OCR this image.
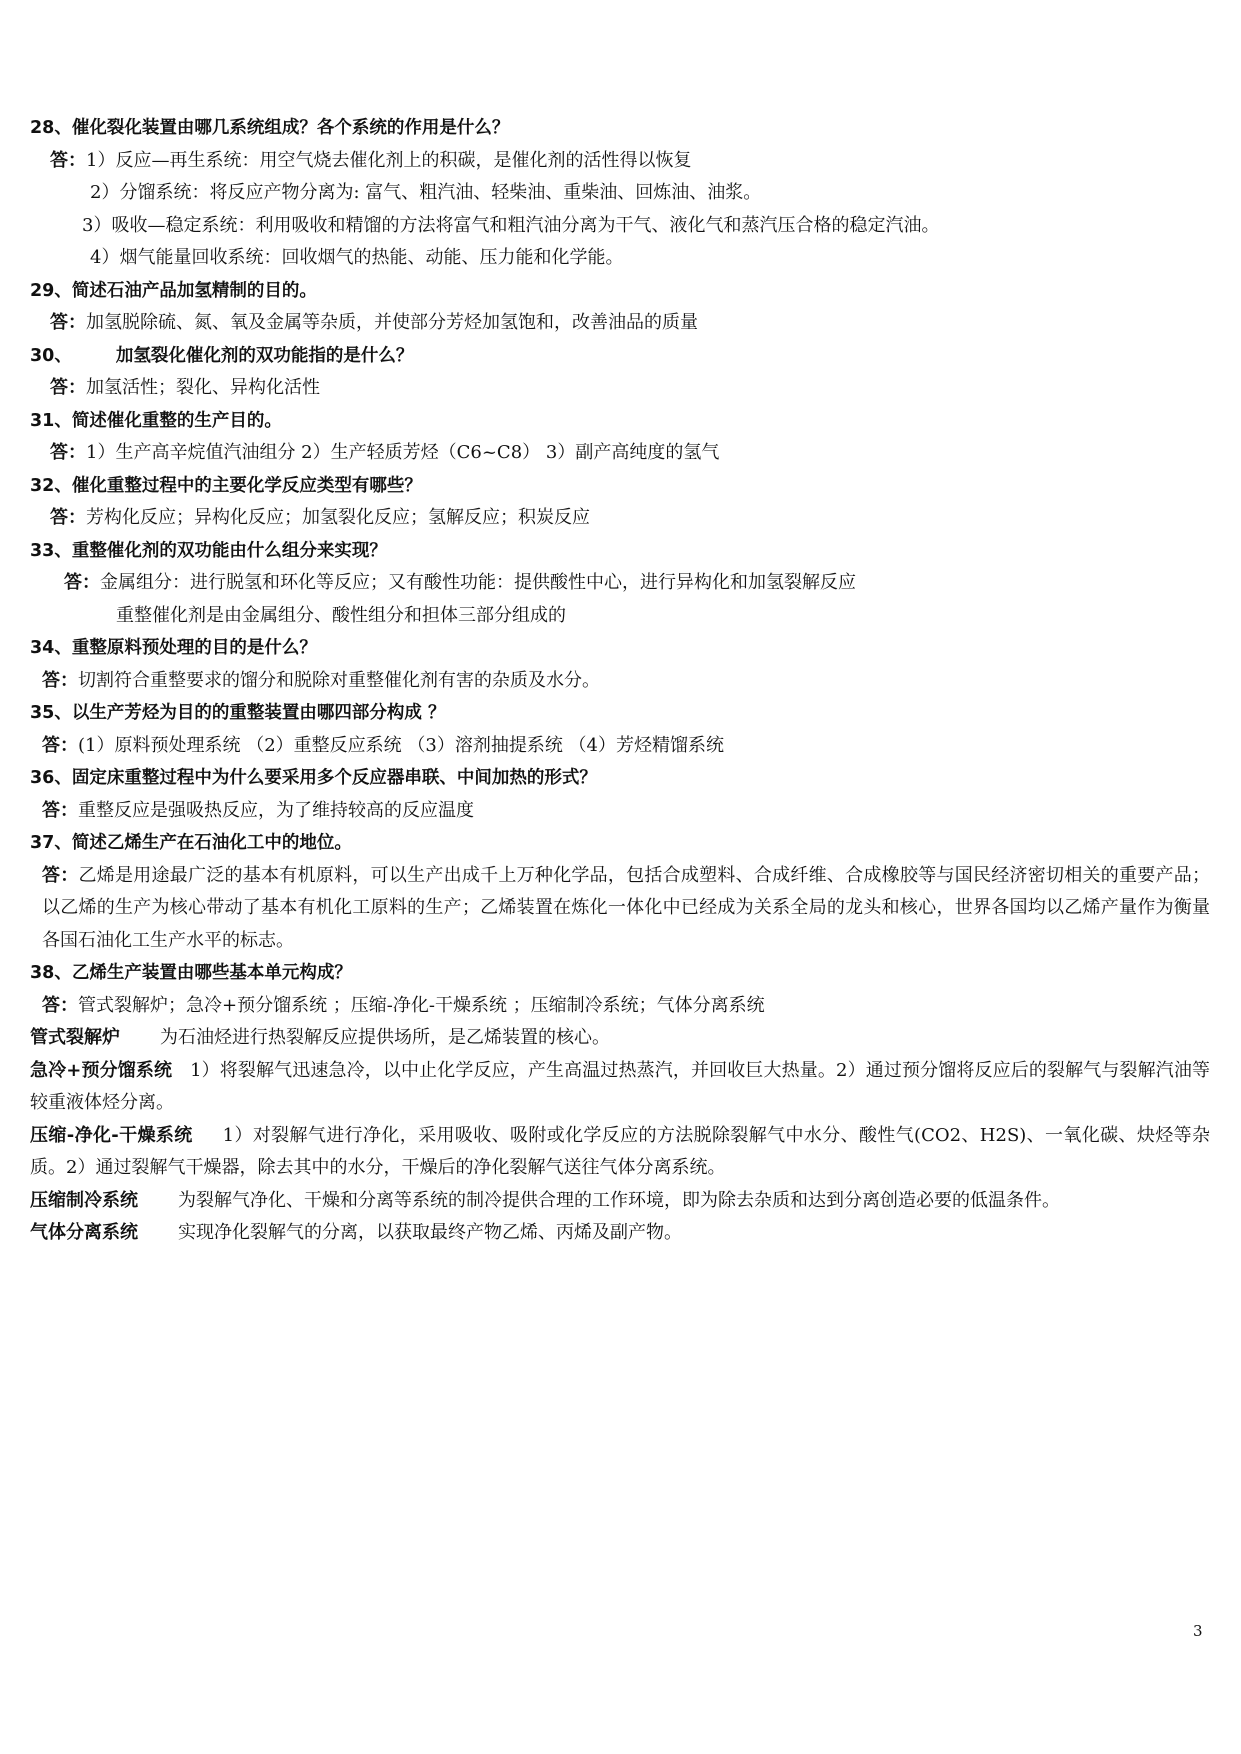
28、催化裂化装置由哪几系统组成？各个系统的作用是什么？
答：1）反应—再生系统：用空气烧去催化剂上的积碳，是催化剂的活性得以恢复
2）分馏系统：将反应产物分离为: 富气、粗汽油、轻柴油、重柴油、回炼油、油浆。
3）吸收—稳定系统：利用吸收和精馏的方法将富气和粗汽油分离为干气、液化气和蒸汽压合格的稳定汽油。
4）烟气能量回收系统：回收烟气的热能、动能、压力能和化学能。
29、简述石油产品加氢精制的目的。
答：加氢脱除硫、氮、氧及金属等杂质，并使部分芳烃加氢饱和，改善油品的质量
30、	加氢裂化催化剂的双功能指的是什么？
答：加氢活性；裂化、异构化活性
31、简述催化重整的生产目的。
答：1）生产高辛烷值汽油组分 2）生产轻质芳烃（C6~C8） 3）副产高纯度的氢气
32、催化重整过程中的主要化学反应类型有哪些？
答：芳构化反应；异构化反应；加氢裂化反应；氢解反应；积炭反应
33、重整催化剂的双功能由什么组分来实现？
答：金属组分：进行脱氢和环化等反应；又有酸性功能：提供酸性中心，进行异构化和加氢裂解反应
重整催化剂是由金属组分、酸性组分和担体三部分组成的
34、重整原料预处理的目的是什么？
答：切割符合重整要求的馏分和脱除对重整催化剂有害的杂质及水分。
35、以生产芳烃为目的的重整装置由哪四部分构成 ？
答：(1）原料预处理系统 （2）重整反应系统 （3）溶剂抽提系统 （4）芳烃精馏系统
36、固定床重整过程中为什么要采用多个反应器串联、中间加热的形式？
答：重整反应是强吸热反应，为了维持较高的反应温度
37、简述乙烯生产在石油化工中的地位。
答：乙烯是用途最广泛的基本有机原料，可以生产出成千上万种化学品，包括合成塑料、合成纤维、合成橡胶等与国民经济密切相关的重要产品；以乙烯的生产为核心带动了基本有机化工原料的生产；乙烯装置在炼化一体化中已经成为关系全局的龙头和核心，世界各国均以乙烯产量作为衡量各国石油化工生产水平的标志。
38、乙烯生产装置由哪些基本单元构成？
答：管式裂解炉；急冷+预分馏系统 ；压缩-净化-干燥系统 ；压缩制冷系统；气体分离系统
管式裂解炉 为石油烃进行热裂解反应提供场所，是乙烯装置的核心。
急冷+预分馏系统 1）将裂解气迅速急冷，以中止化学反应，产生高温过热蒸汽，并回收巨大热量。2）通过预分馏将反应后的裂解气与裂解汽油等较重液体烃分离。
压缩-净化-干燥系统 1）对裂解气进行净化，采用吸收、吸附或化学反应的方法脱除裂解气中水分、酸性气(CO2、H2S)、一氧化碳、炔烃等杂质。2）通过裂解气干燥器，除去其中的水分，干燥后的净化裂解气送往气体分离系统。
压缩制冷系统 为裂解气净化、干燥和分离等系统的制冷提供合理的工作环境，即为除去杂质和达到分离创造必要的低温条件。
气体分离系统 实现净化裂解气的分离，以获取最终产物乙烯、丙烯及副产物。
3
